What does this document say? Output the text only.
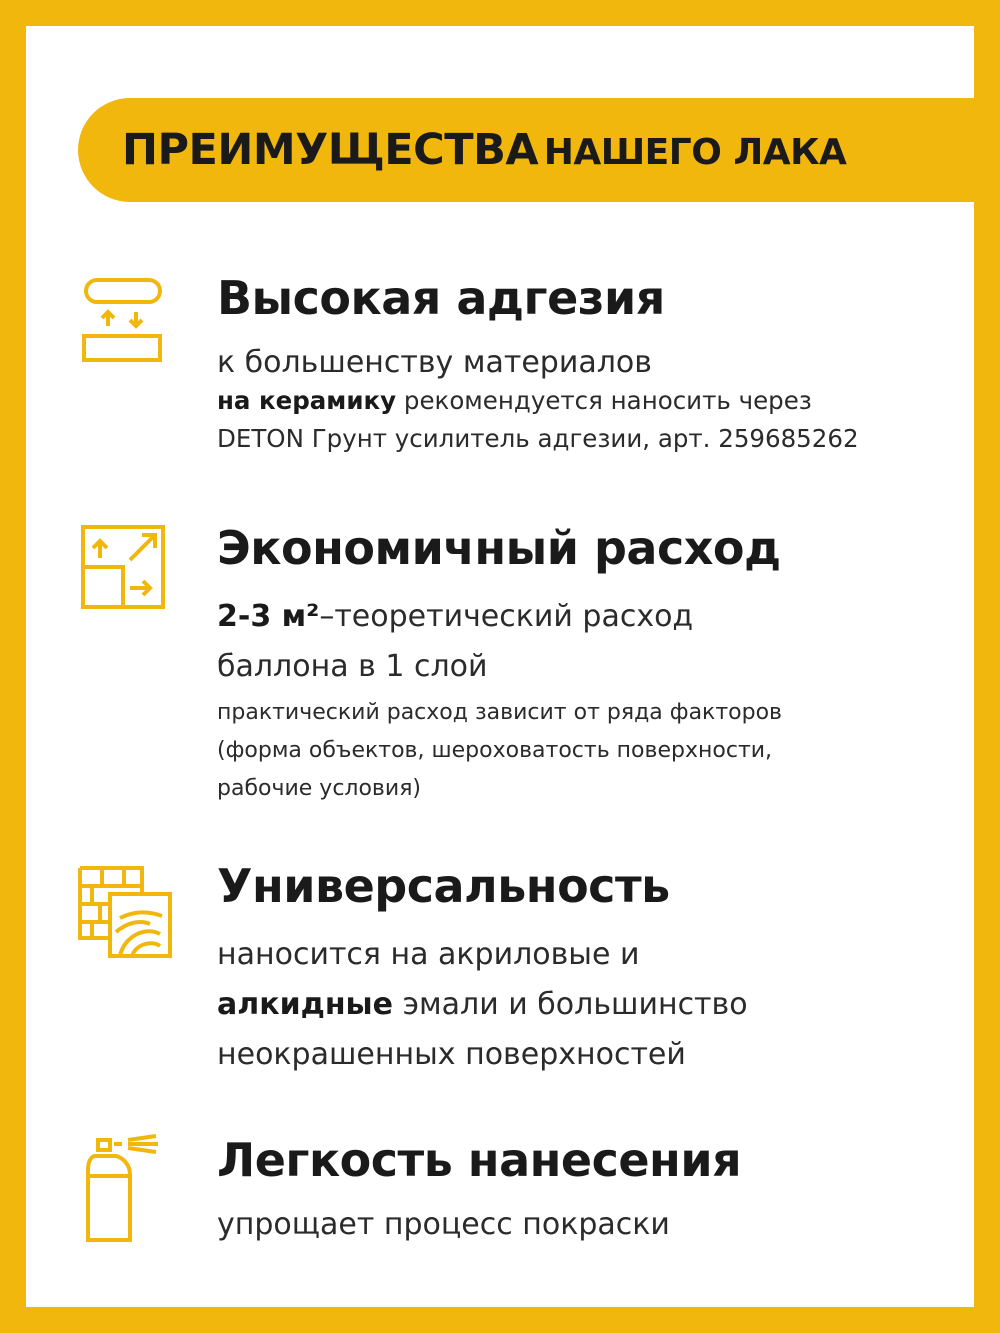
ПРЕИМУЩЕСТВА НАШЕГО ЛАКА
Высокая адгезия
к большенству материалов
на керамику рекомендуется наносить через
DETON Грунт усилитель адгезии, арт. 259685262
Экономичный расход
2-3 м²–теоретический расход
баллона в 1 слой
практический расход зависит от ряда факторов
(форма объектов, шероховатость поверхности,
рабочие условия)
Универсальность
наносится на акриловые и
алкидные эмали и большинство
неокрашенных поверхностей
Легкость нанесения
упрощает процесс покраски
